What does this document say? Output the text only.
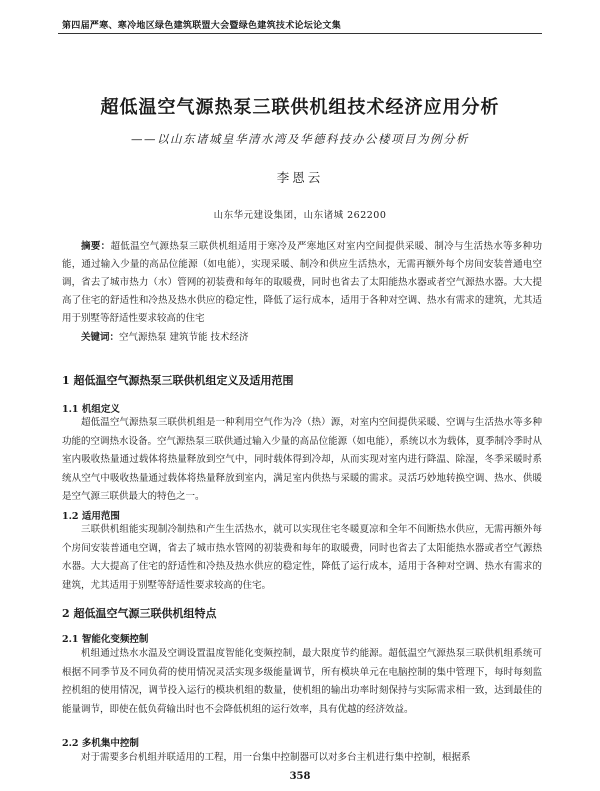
第四届严寒、寒冷地区绿色建筑联盟大会暨绿色建筑技术论坛论文集
超低温空气源热泵三联供机组技术经济应用分析
——以山东诸城皇华清水湾及华德科技办公楼项目为例分析
李恩云
山东华元建设集团，山东诸城 262200
摘要：超低温空气源热泵三联供机组适用于寒冷及严寒地区对室内空间提供采暖、制冷与生活热水等多种功能，通过输入少量的高品位能源（如电能），实现采暖、制冷和供应生活热水，无需再额外每个房间安装普通电空调，省去了城市热力（水）管网的初装费和每年的取暖费，同时也省去了太阳能热水器或者空气源热水器。大大提高了住宅的舒适性和冷热及热水供应的稳定性，降低了运行成本，适用于各种对空调、热水有需求的建筑，尤其适用于别墅等舒适性要求较高的住宅
关键词：空气源热泵 建筑节能 技术经济
1 超低温空气源热泵三联供机组定义及适用范围
1.1 机组定义
超低温空气源热泵三联供机组是一种利用空气作为冷（热）源，对室内空间提供采暖、空调与生活热水等多种功能的空调热水设备。空气源热泵三联供通过输入少量的高品位能源（如电能），系统以水为载体，夏季制冷季时从室内吸收热量通过载体将热量释放到空气中，同时载体得到冷却，从而实现对室内进行降温、除湿，冬季采暖时系统从空气中吸收热量通过载体将热量释放到室内，满足室内供热与采暖的需求。灵活巧妙地转换空调、热水、供暖是空气源三联供最大的特色之一。
1.2 适用范围
三联供机组能实现制冷制热和产生生活热水，就可以实现住宅冬暖夏凉和全年不间断热水供应，无需再额外每个房间安装普通电空调，省去了城市热水管网的初装费和每年的取暖费，同时也省去了太阳能热水器或者空气源热水器。大大提高了住宅的舒适性和冷热及热水供应的稳定性，降低了运行成本，适用于各种对空调、热水有需求的建筑，尤其适用于别墅等舒适性要求较高的住宅。
2 超低温空气源三联供机组特点
2.1 智能化变频控制
机组通过热水水温及空调设置温度智能化变频控制，最大限度节约能源。超低温空气源热泵三联供机组系统可根据不同季节及不同负荷的使用情况灵活实现多级能量调节，所有模块单元在电脑控制的集中管理下，每时每刻监控机组的使用情况，调节投入运行的模块机组的数量，使机组的输出功率时刻保持与实际需求相一致，达到最佳的能量调节，即使在低负荷输出时也不会降低机组的运行效率，具有优越的经济效益。
2.2 多机集中控制
对于需要多台机组并联适用的工程，用一台集中控制器可以对多台主机进行集中控制，根据系
358
